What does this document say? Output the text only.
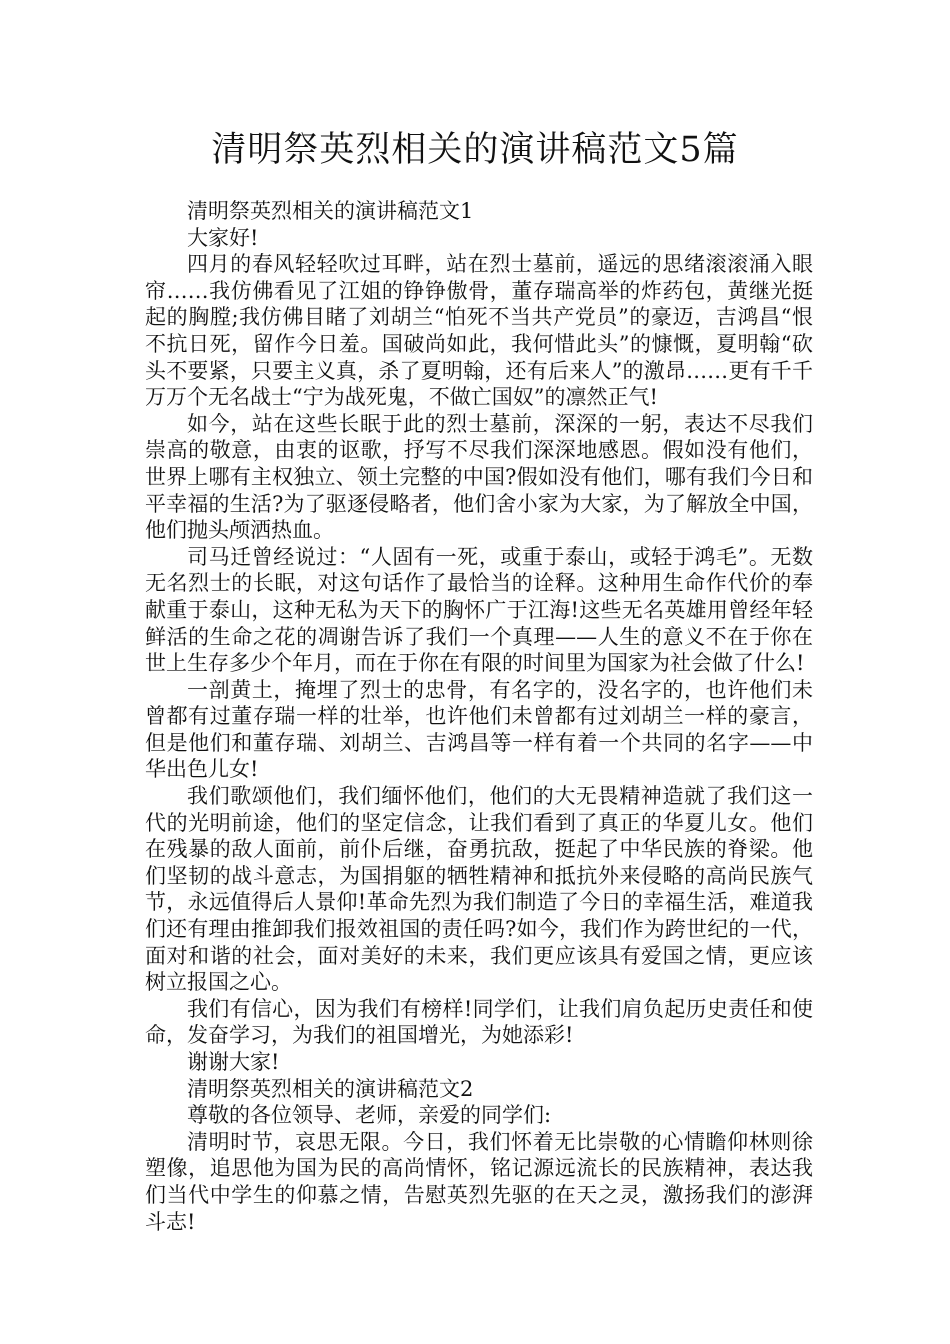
清明祭英烈相关的演讲稿范文5篇

清明祭英烈相关的演讲稿范文1

大家好!

四月的春风轻轻吹过耳畔，站在烈士墓前，遥远的思绪滚滚涌入眼帘……我仿佛看见了江姐的铮铮傲骨，董存瑞高举的炸药包，黄继光挺起的胸膛;我仿佛目睹了刘胡兰“怕死不当共产党员”的豪迈，吉鸿昌“恨不抗日死，留作今日羞。国破尚如此，我何惜此头”的慷慨，夏明翰“砍头不要紧，只要主义真，杀了夏明翰，还有后来人”的激昂……更有千千万万个无名战士“宁为战死鬼，不做亡国奴”的凛然正气!

如今，站在这些长眠于此的烈士墓前，深深的一躬，表达不尽我们崇高的敬意，由衷的讴歌，抒写不尽我们深深地感恩。假如没有他们，世界上哪有主权独立、领土完整的中国?假如没有他们，哪有我们今日和平幸福的生活?为了驱逐侵略者，他们舍小家为大家，为了解放全中国，他们抛头颅洒热血。

司马迁曾经说过：“人固有一死，或重于泰山，或轻于鸿毛”。无数无名烈士的长眠，对这句话作了最恰当的诠释。这种用生命作代价的奉献重于泰山，这种无私为天下的胸怀广于江海!这些无名英雄用曾经年轻鲜活的生命之花的凋谢告诉了我们一个真理——人生的意义不在于你在世上生存多少个年月，而在于你在有限的时间里为国家为社会做了什么!

一剖黄土，掩埋了烈士的忠骨，有名字的，没名字的，也许他们未曾都有过董存瑞一样的壮举，也许他们未曾都有过刘胡兰一样的豪言，但是他们和董存瑞、刘胡兰、吉鸿昌等一样有着一个共同的名字——中华出色儿女!

我们歌颂他们，我们缅怀他们，他们的大无畏精神造就了我们这一代的光明前途，他们的坚定信念，让我们看到了真正的华夏儿女。他们在残暴的敌人面前，前仆后继，奋勇抗敌，挺起了中华民族的脊梁。他们坚韧的战斗意志，为国捐躯的牺牲精神和抵抗外来侵略的高尚民族气节，永远值得后人景仰!革命先烈为我们制造了今日的幸福生活，难道我们还有理由推卸我们报效祖国的责任吗?如今，我们作为跨世纪的一代，面对和谐的社会，面对美好的未来，我们更应该具有爱国之情，更应该树立报国之心。

我们有信心，因为我们有榜样!同学们，让我们肩负起历史责任和使命，发奋学习，为我们的祖国增光，为她添彩!

谢谢大家!

清明祭英烈相关的演讲稿范文2

尊敬的各位领导、老师，亲爱的同学们:

清明时节，哀思无限。今日，我们怀着无比崇敬的心情瞻仰林则徐塑像，追思他为国为民的高尚情怀，铭记源远流长的民族精神，表达我们当代中学生的仰慕之情，告慰英烈先驱的在天之灵，激扬我们的澎湃斗志!
